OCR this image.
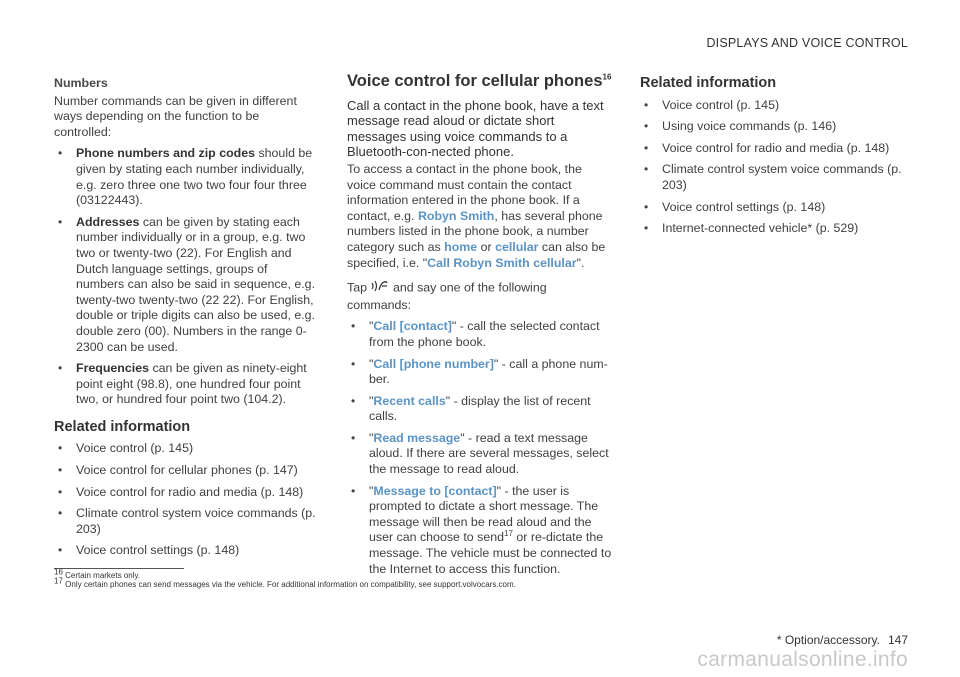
DISPLAYS AND VOICE CONTROL
Numbers

Number commands can be given in different ways depending on the function to be controlled:

• Phone numbers and zip codes should be given by stating each number individually, e.g. zero three one two two four four three (03122443).
• Addresses can be given by stating each number individually or in a group, e.g. two two or twenty-two (22). For English and Dutch language settings, groups of numbers can also be said in sequence, e.g. twenty-two twenty-two (22 22). For English, double or triple digits can also be used, e.g. double zero (00). Numbers in the range 0-2300 can be used.
• Frequencies can be given as ninety-eight point eight (98.8), one hundred four point two, or hundred four point two (104.2).
Related information
• Voice control (p. 145)
• Voice control for cellular phones (p. 147)
• Voice control for radio and media (p. 148)
• Climate control system voice commands (p. 203)
• Voice control settings (p. 148)
Voice control for cellular phones$^{16}$

Call a contact in the phone book, have a text message read aloud or dictate short messages using voice commands to a Bluetooth-con-nected phone.

To access a contact in the phone book, the voice command must contain the contact information entered in the phone book. If a contact, e.g. Robyn Smith, has several phone numbers listed in the phone book, a number category such as home or cellular can also be specified, i.e. "Call Robyn Smith cellular".

Tap and say one of the following commands:

• "Call [contact]" - call the selected contact from the phone book.
• "Call [phone number]" - call a phone num-ber.
• "Recent calls" - display the list of recent calls.
• "Read message" - read a text message aloud. If there are several messages, select the message to read aloud.
• "Message to [contact]" - the user is prompted to dictate a short message. The message will then be read aloud and the user can choose to send$^{17}$ or re-dictate the message. The vehicle must be connected to the Internet to access this function.
Related information
• Voice control (p. 145)
• Using voice commands (p. 146)
• Voice control for radio and media (p. 148)
• Climate control system voice commands (p. 203)
• Voice control settings (p. 148)
• Internet-connected vehicle* (p. 529)
$^{16}$ Certain markets only.
$^{17}$ Only certain phones can send messages via the vehicle. For additional information on compatibility, see support.volvocars.com.
* Option/accessory. 147
carmanualsonline.info
